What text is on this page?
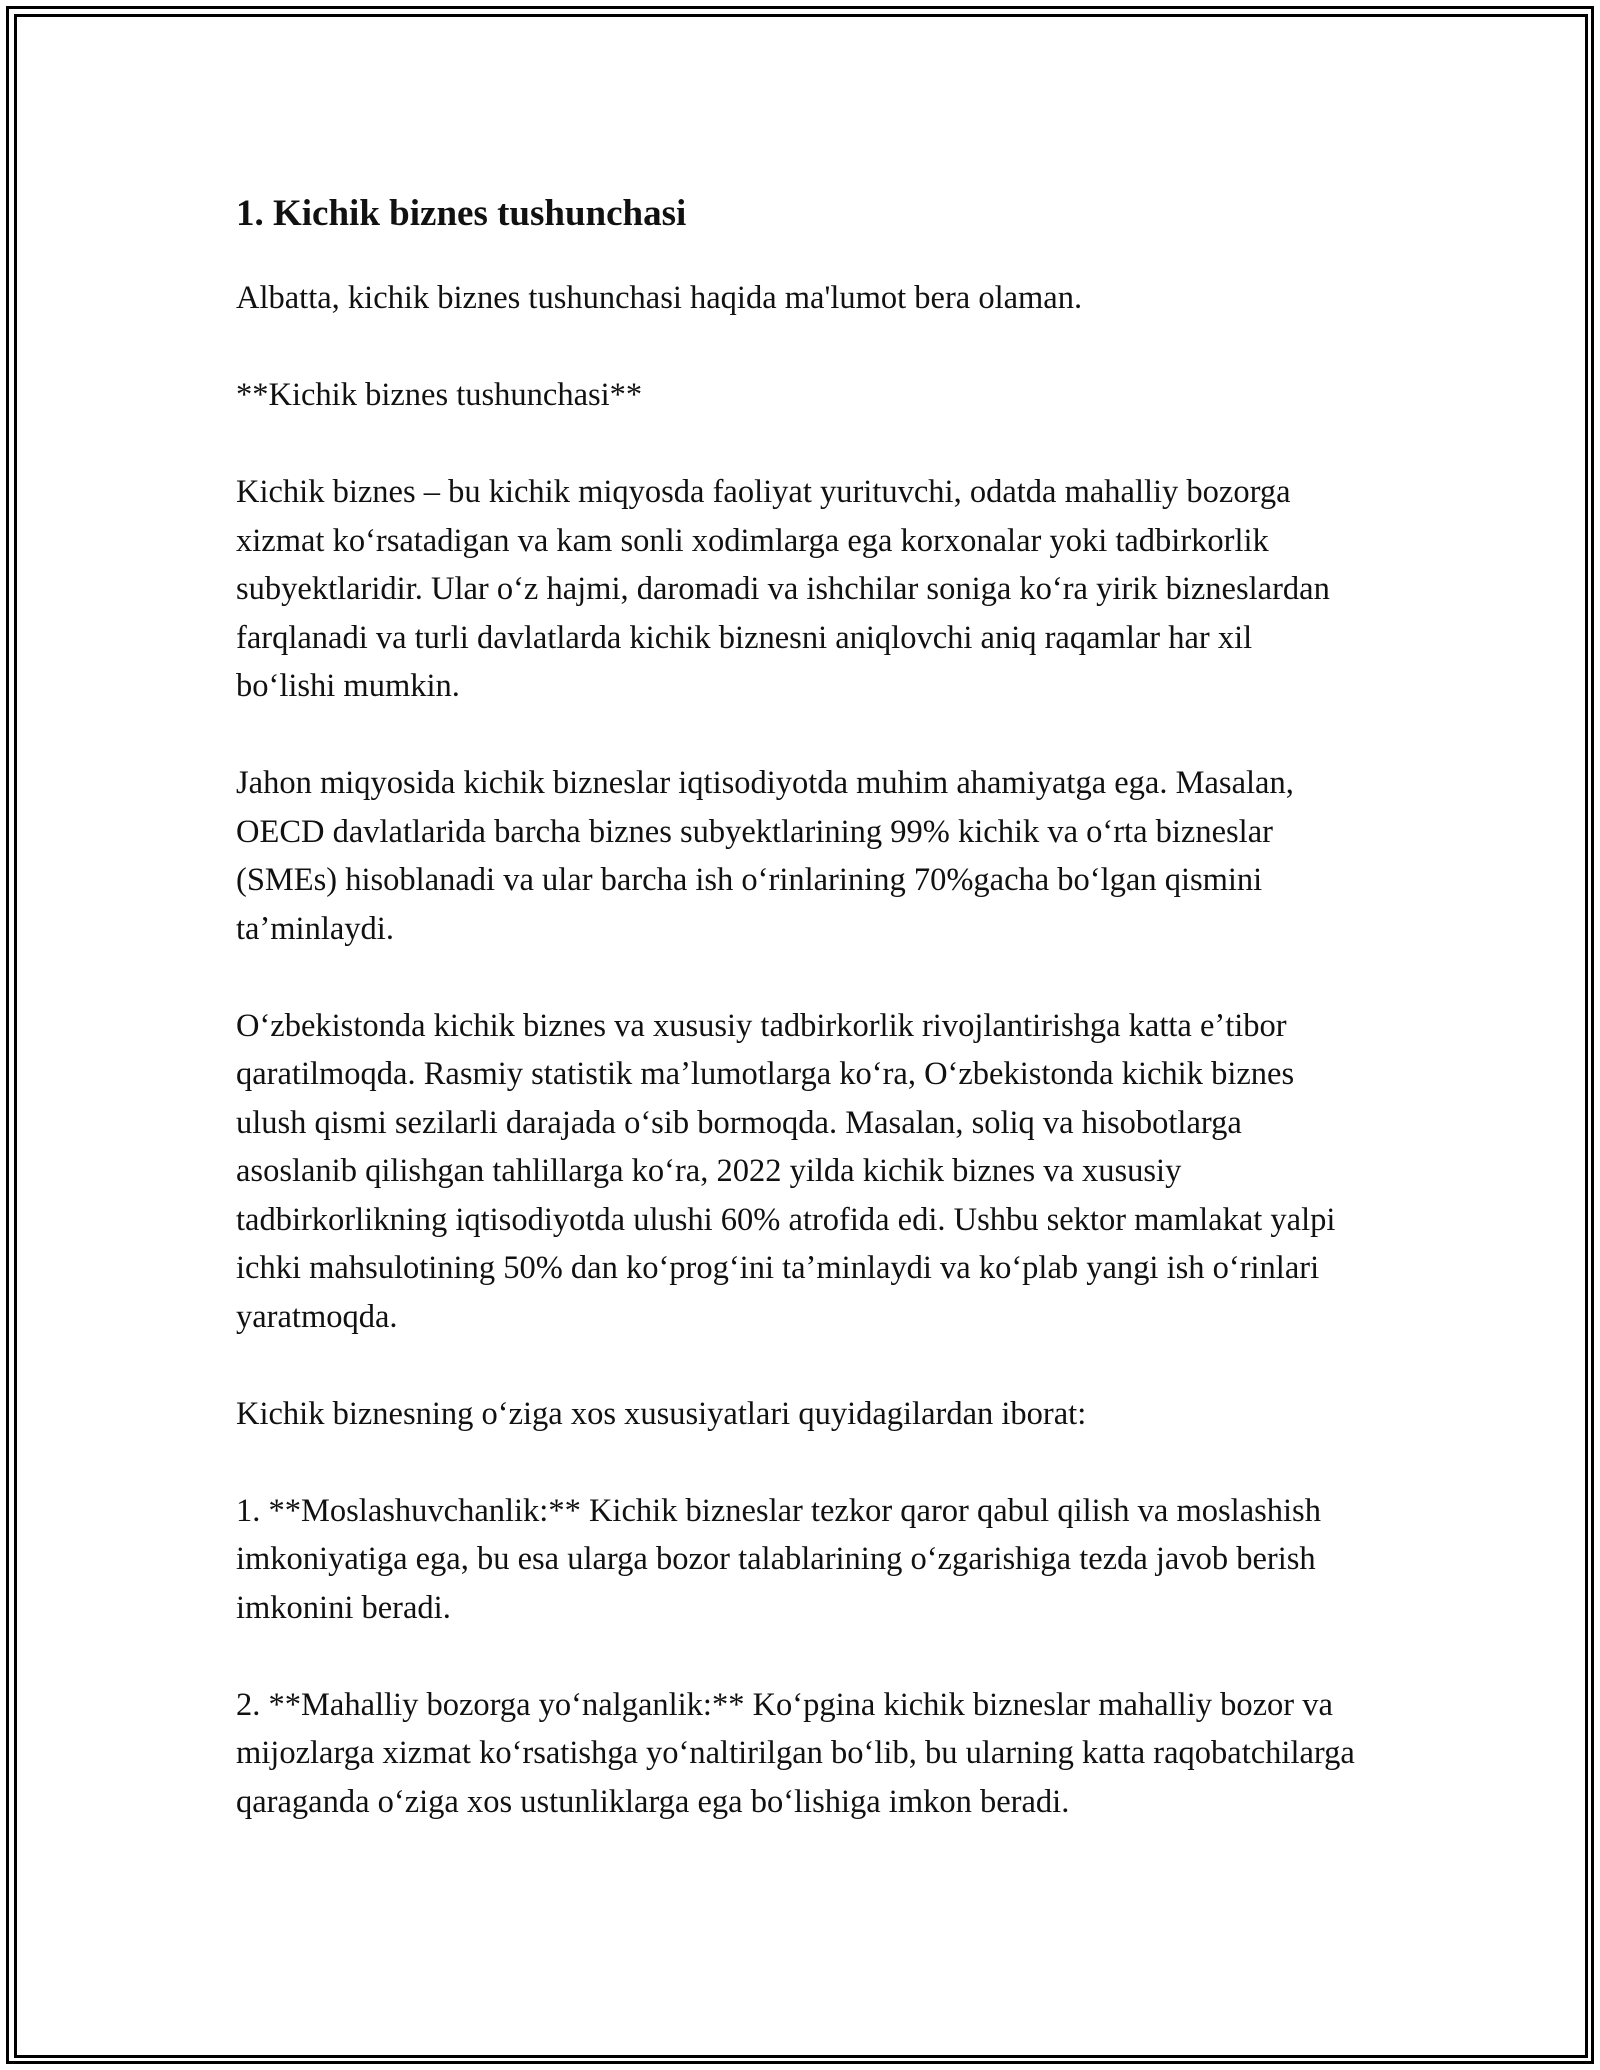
1. Kichik biznes tushunchasi

Albatta, kichik biznes tushunchasi haqida ma'lumot bera olaman.

**Kichik biznes tushunchasi**

Kichik biznes – bu kichik miqyosda faoliyat yurituvchi, odatda mahalliy bozorga xizmat koʻrsatadigan va kam sonli xodimlarga ega korxonalar yoki tadbirkorlik subyektlaridir. Ular oʻz hajmi, daromadi va ishchilar soniga koʻra yirik bizneslardan farqlanadi va turli davlatlarda kichik biznesni aniqlovchi aniq raqamlar har xil boʻlishi mumkin.

Jahon miqyosida kichik bizneslar iqtisodiyotda muhim ahamiyatga ega. Masalan, OECD davlatlarida barcha biznes subyektlarining 99% kichik va oʻrta bizneslar (SMEs) hisoblanadi va ular barcha ish oʻrinlarining 70%gacha boʻlgan qismini taʼminlaydi.

Oʻzbekistonda kichik biznes va xususiy tadbirkorlik rivojlantirishga katta eʼtibor qaratilmoqda. Rasmiy statistik maʼlumotlarga koʻra, Oʻzbekistonda kichik biznes ulush qismi sezilarli darajada oʻsib bormoqda. Masalan, soliq va hisobotlarga asoslanib qilishgan tahlillarga koʻra, 2022 yilda kichik biznes va xususiy tadbirkorlikning iqtisodiyotda ulushi 60% atrofida edi. Ushbu sektor mamlakat yalpi ichki mahsulotining 50% dan koʻprogʻini taʼminlaydi va koʻplab yangi ish oʻrinlari yaratmoqda.

Kichik biznesning oʻziga xos xususiyatlari quyidagilardan iborat:

1. **Moslashuvchanlik:** Kichik bizneslar tezkor qaror qabul qilish va moslashish imkoniyatiga ega, bu esa ularga bozor talablarining oʻzgarishiga tezda javob berish imkonini beradi.

2. **Mahalliy bozorga yoʻnalganlik:** Koʻpgina kichik bizneslar mahalliy bozor va mijozlarga xizmat koʻrsatishga yoʻnaltirilgan boʻlib, bu ularning katta raqobatchilarga qaraganda oʻziga xos ustunliklarga ega boʻlishiga imkon beradi.
